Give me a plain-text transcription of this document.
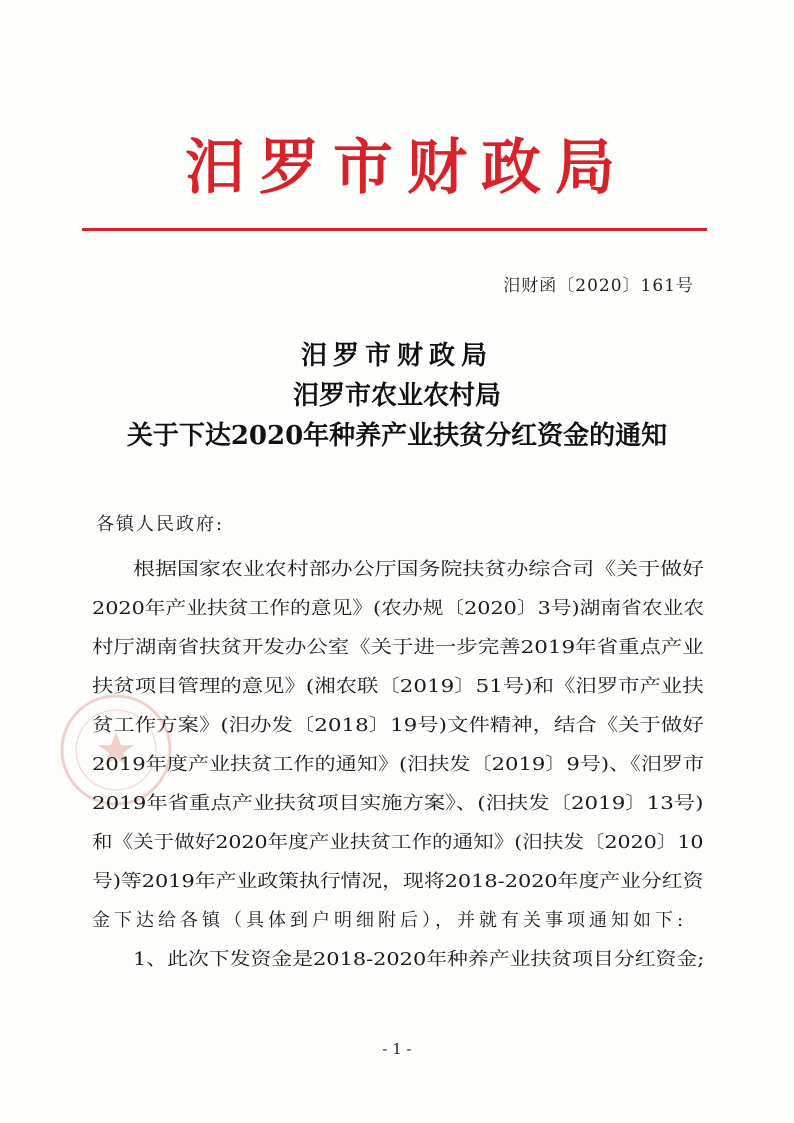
汨罗市财政局
汨财函〔2020〕161号
汨罗市财政局
汨罗市农业农村局
关于下达2020年种养产业扶贫分红资金的通知
各镇人民政府:
根据国家农业农村部办公厅国务院扶贫办综合司《关于做好
2020年产业扶贫工作的意见》(农办规〔2020〕3号)湖南省农业农
村厅湖南省扶贫开发办公室《关于进一步完善2019年省重点产业
扶贫项目管理的意见》(湘农联〔2019〕51号)和《汨罗市产业扶
贫工作方案》(汨办发〔2018〕19号)文件精神，结合《关于做好
2019年度产业扶贫工作的通知》(汨扶发〔2019〕9号)、《汨罗市
2019年省重点产业扶贫项目实施方案》、(汨扶发〔2019〕13号)
和《关于做好2020年度产业扶贫工作的通知》(汨扶发〔2020〕10
号)等2019年产业政策执行情况，现将2018-2020年度产业分红资
金下达给各镇（具体到户明细附后），并就有关事项通知如下:
1、此次下发资金是2018-2020年种养产业扶贫项目分红资金;
- 1 -
